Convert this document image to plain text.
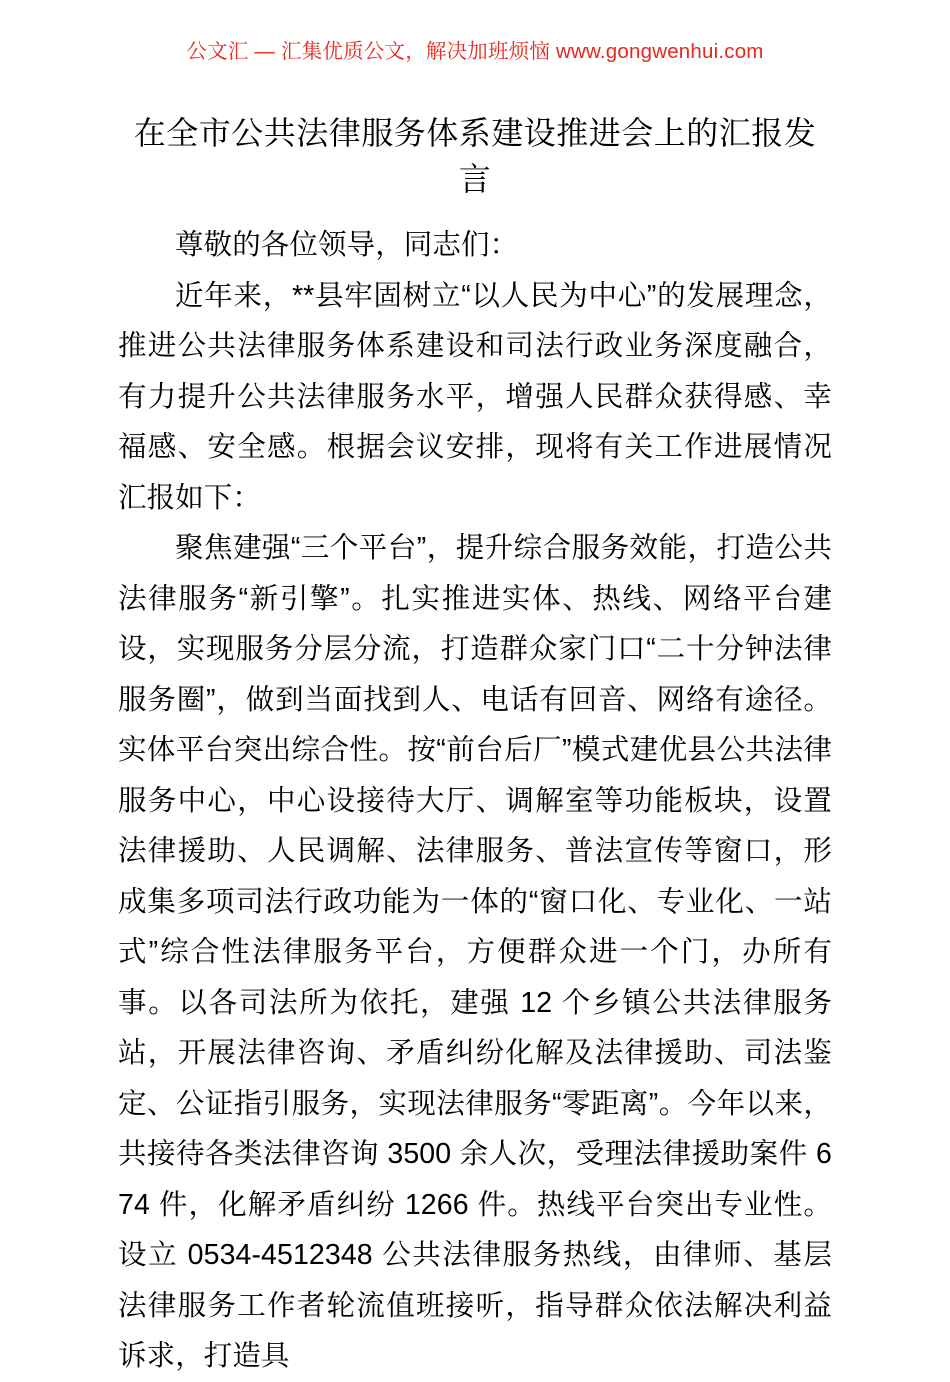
公文汇 — 汇集优质公文，解决加班烦恼 www.gongwenhui.com
在全市公共法律服务体系建设推进会上的汇报发言

尊敬的各位领导，同志们：

近年来，**县牢固树立“以人民为中心”的发展理念，推进公共法律服务体系建设和司法行政业务深度融合，有力提升公共法律服务水平，增强人民群众获得感、幸福感、安全感。根据会议安排，现将有关工作进展情况汇报如下：

聚焦建强“三个平台”，提升综合服务效能，打造公共法律服务“新引擎”。扎实推进实体、热线、网络平台建设，实现服务分层分流，打造群众家门口“二十分钟法律服务圈”，做到当面找到人、电话有回音、网络有途径。实体平台突出综合性。按“前台后厂”模式建优县公共法律服务中心，中心设接待大厅、调解室等功能板块，设置法律援助、人民调解、法律服务、普法宣传等窗口，形成集多项司法行政功能为一体的“窗口化、专业化、一站式”综合性法律服务平台，方便群众进一个门，办所有事。以各司法所为依托，建强 12 个乡镇公共法律服务站，开展法律咨询、矛盾纠纷化解及法律援助、司法鉴定、公证指引服务，实现法律服务“零距离”。今年以来，共接待各类法律咨询 3500 余人次，受理法律援助案件 674 件，化解矛盾纠纷 1266 件。热线平台突出专业性。设立 0534-4512348 公共法律服务热线，由律师、基层法律服务工作者轮流值班接听，指导群众依法解决利益诉求，打造具
